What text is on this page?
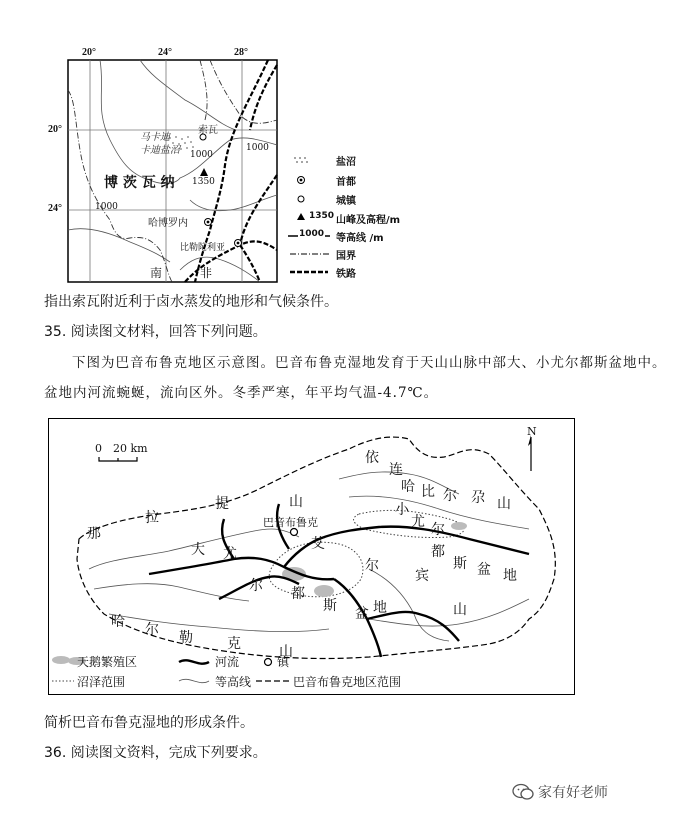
20°	24°	28°
20°
24°
马卡迪
卡迪盐沼
索瓦
1000
1000
1000
1350
博 茨 瓦 纳
哈博罗内
比勒陀利亚
南	非
盐沼
首都
城镇
1350 山峰及高程/m
1000 等高线 /m
国界
铁路
指出索瓦附近利于卤水蒸发的地形和气候条件。
35. 阅读图文材料，回答下列问题。
下图为巴音布鲁克地区示意图。巴音布鲁克湿地发育于天山山脉中部大、小尤尔都斯盆地中。
盆地内河流蜿蜒，流向区外。冬季严寒，年平均气温-4.7℃。
0 20 km
N
巴音布鲁克
依
连
哈 比 尔 尕 山
小
尤 尔
都
斯 盆 地
那
拉
提	山
大 尤
尔 都
斯 盆 地
艾
尔
宾
哈 尔 勒 克	山
山
天鹅繁殖区	河流	镇
沼泽范围	等高线	巴音布鲁克地区范围
简析巴音布鲁克湿地的形成条件。
36. 阅读图文资料，完成下列要求。
家有好老师
